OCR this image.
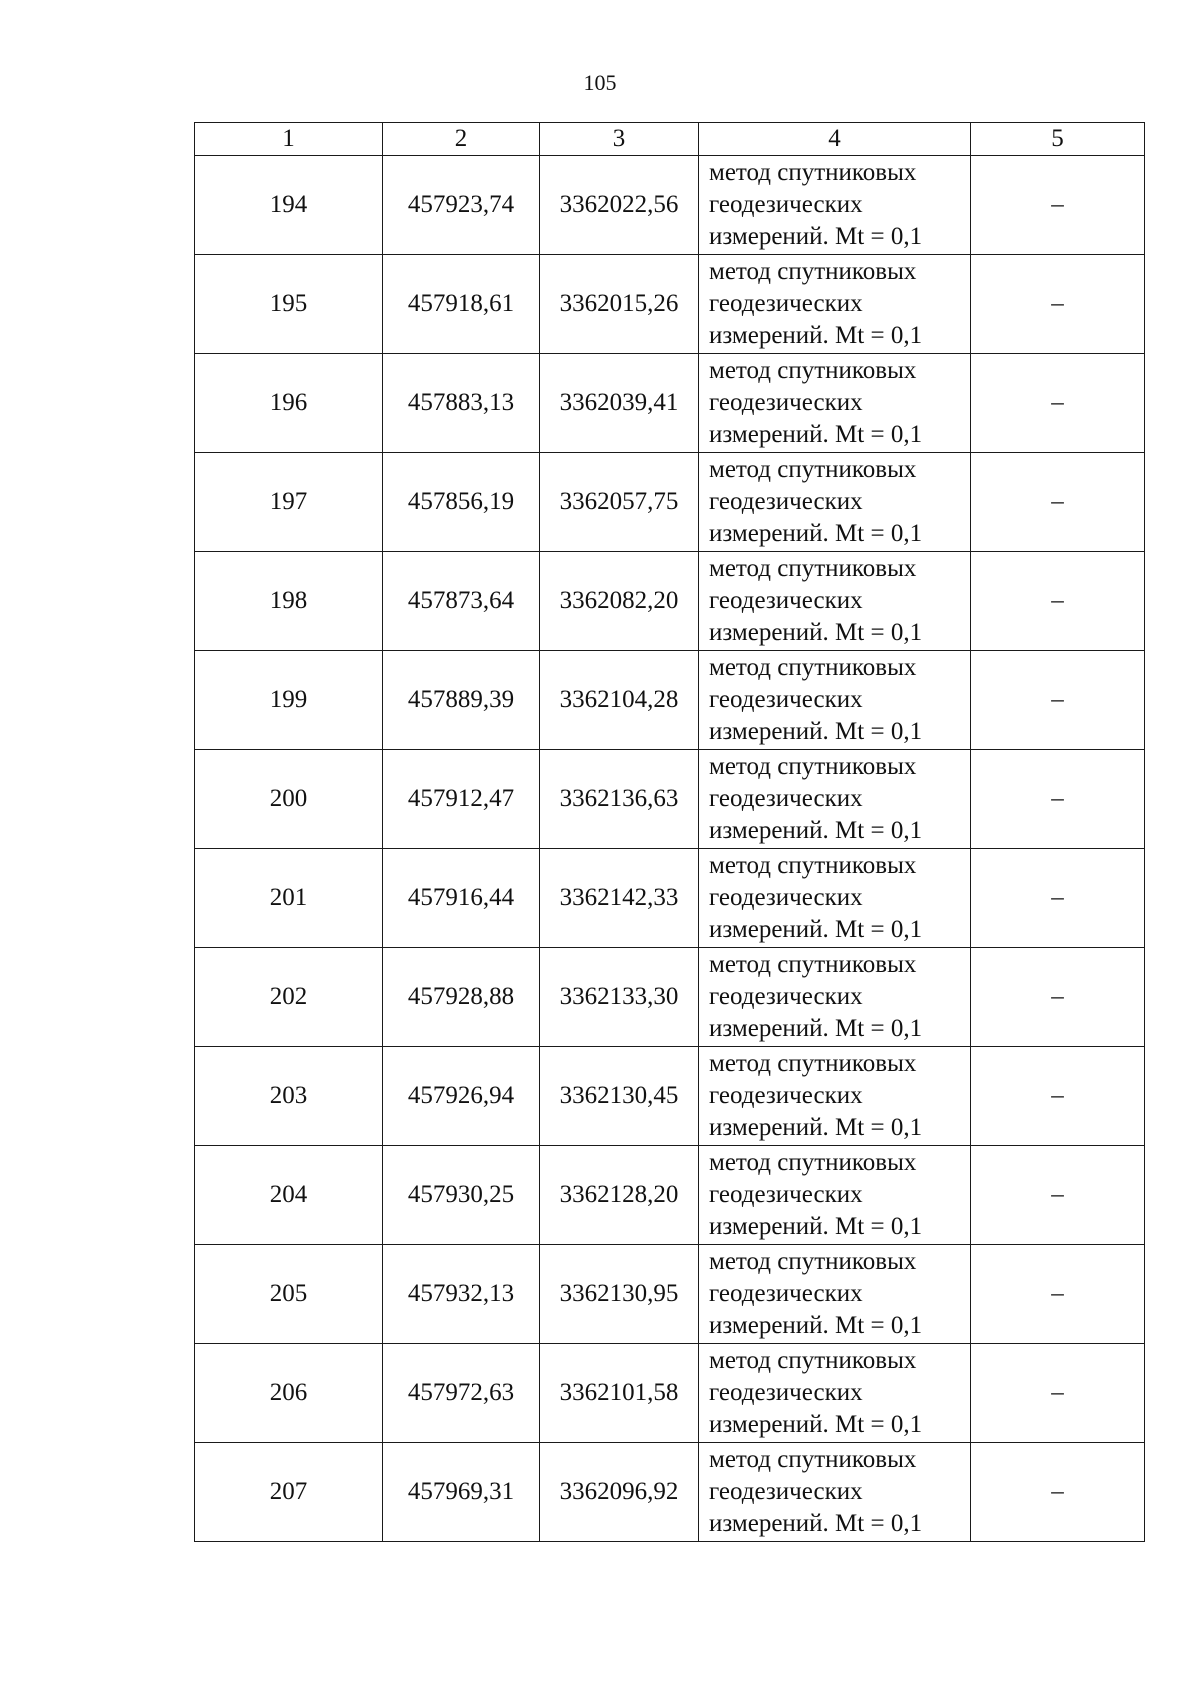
105
1	2	3	4	5
194	457923,74	3362022,56	метод спутниковых
геодезических
измерений. Mt = 0,1	–
195	457918,61	3362015,26	метод спутниковых
геодезических
измерений. Mt = 0,1	–
196	457883,13	3362039,41	метод спутниковых
геодезических
измерений. Mt = 0,1	–
197	457856,19	3362057,75	метод спутниковых
геодезических
измерений. Mt = 0,1	–
198	457873,64	3362082,20	метод спутниковых
геодезических
измерений. Mt = 0,1	–
199	457889,39	3362104,28	метод спутниковых
геодезических
измерений. Mt = 0,1	–
200	457912,47	3362136,63	метод спутниковых
геодезических
измерений. Mt = 0,1	–
201	457916,44	3362142,33	метод спутниковых
геодезических
измерений. Mt = 0,1	–
202	457928,88	3362133,30	метод спутниковых
геодезических
измерений. Mt = 0,1	–
203	457926,94	3362130,45	метод спутниковых
геодезических
измерений. Mt = 0,1	–
204	457930,25	3362128,20	метод спутниковых
геодезических
измерений. Mt = 0,1	–
205	457932,13	3362130,95	метод спутниковых
геодезических
измерений. Mt = 0,1	–
206	457972,63	3362101,58	метод спутниковых
геодезических
измерений. Mt = 0,1	–
207	457969,31	3362096,92	метод спутниковых
геодезических
измерений. Mt = 0,1	–
